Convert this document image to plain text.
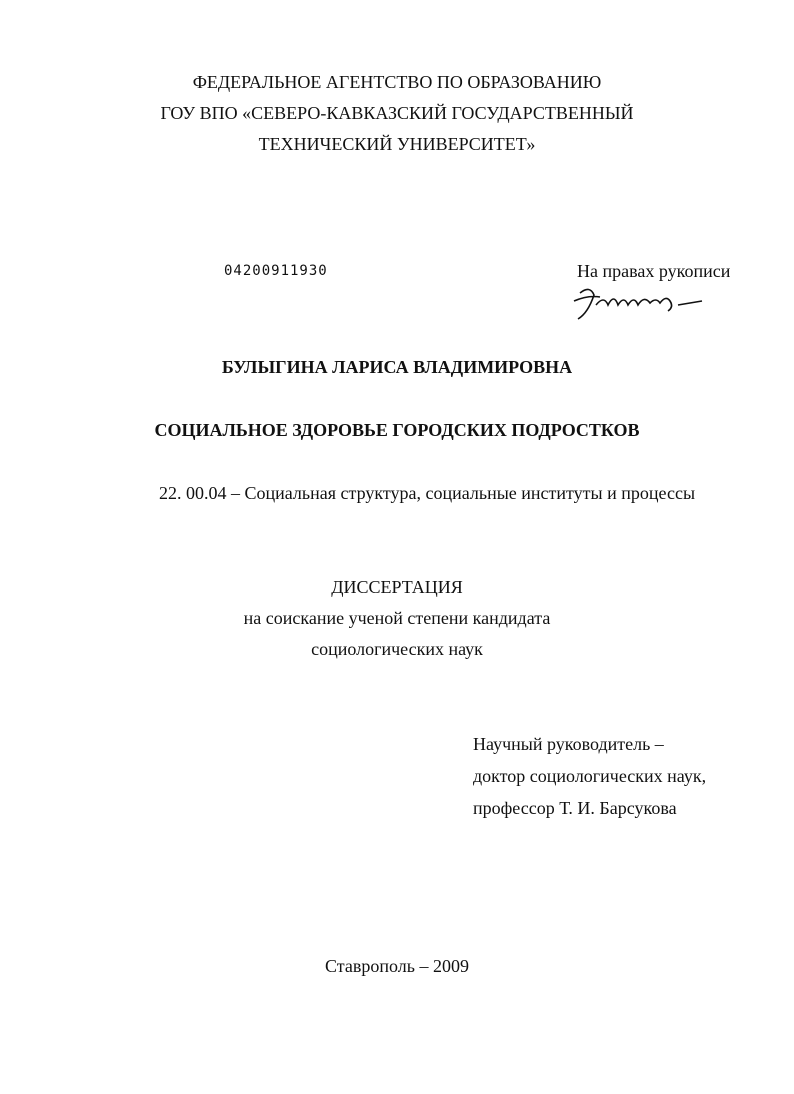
ФЕДЕРАЛЬНОЕ АГЕНТСТВО ПО ОБРАЗОВАНИЮ
ГОУ ВПО «СЕВЕРО-КАВКАЗСКИЙ ГОСУДАРСТВЕННЫЙ
ТЕХНИЧЕСКИЙ УНИВЕРСИТЕТ»
04200911930	На правах рукописи
БУЛЫГИНА ЛАРИСА ВЛАДИМИРОВНА
СОЦИАЛЬНОЕ ЗДОРОВЬЕ ГОРОДСКИХ ПОДРОСТКОВ
22. 00.04 – Социальная структура, социальные институты и процессы
ДИССЕРТАЦИЯ
на соискание ученой степени кандидата
социологических наук
Научный руководитель –
доктор социологических наук,
профессор Т. И. Барсукова
Ставрополь – 2009
